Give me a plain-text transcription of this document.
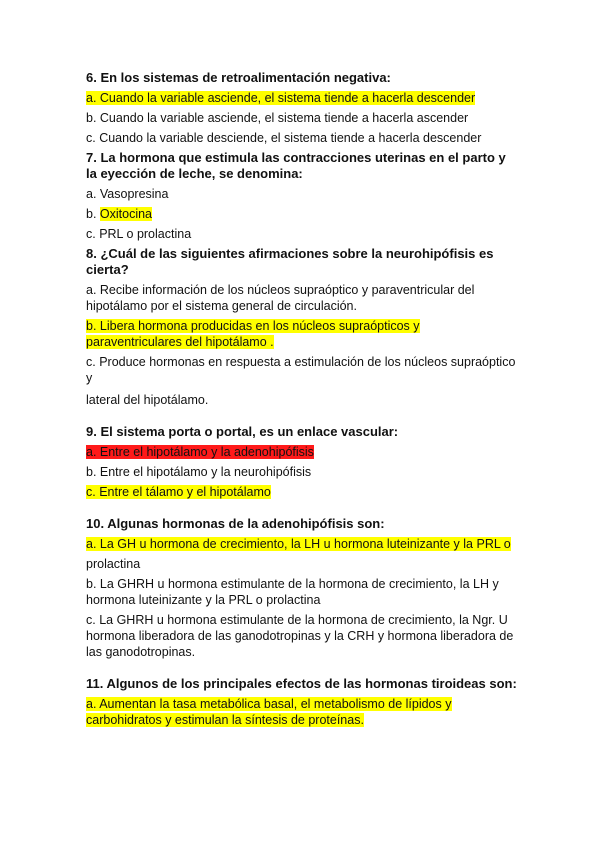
6. En los sistemas de retroalimentación negativa:
a. Cuando la variable asciende, el sistema tiende a hacerla descender
b. Cuando la variable asciende, el sistema tiende a hacerla ascender
c. Cuando la variable desciende, el sistema tiende a hacerla descender
7. La hormona que estimula las contracciones uterinas en el parto y la eyección de leche, se denomina:
a. Vasopresina
b. Oxitocina
c. PRL o prolactina
8. ¿Cuál de las siguientes afirmaciones sobre la neurohipófisis es cierta?
a. Recibe información de los núcleos supraóptico y paraventricular del hipotálamo por el sistema general de circulación.
b. Libera hormona producidas en los núcleos supraópticos y paraventriculares del hipotálamo .
c. Produce hormonas en respuesta a estimulación de los núcleos supraóptico y
lateral del hipotálamo.
9. El sistema porta o portal, es un enlace vascular:
a. Entre el hipotálamo y la adenohipófisis
b. Entre el hipotálamo y la neurohipófisis
c. Entre el tálamo y el hipotálamo
10. Algunas hormonas de la adenohipófisis son:
a. La GH u hormona de crecimiento, la LH u hormona luteinizante y la PRL o
prolactina
b. La GHRH u hormona estimulante de la hormona de crecimiento, la LH y hormona luteinizante y la PRL o prolactina
c. La GHRH u hormona estimulante de la hormona de crecimiento, la Ngr. U hormona liberadora de las ganodotropinas y la CRH y hormona liberadora de las ganodotropinas.
11. Algunos de los principales efectos de las hormonas tiroideas son:
a. Aumentan la tasa metabólica basal, el metabolismo de lípidos y carbohidratos y estimulan la síntesis de proteínas.
